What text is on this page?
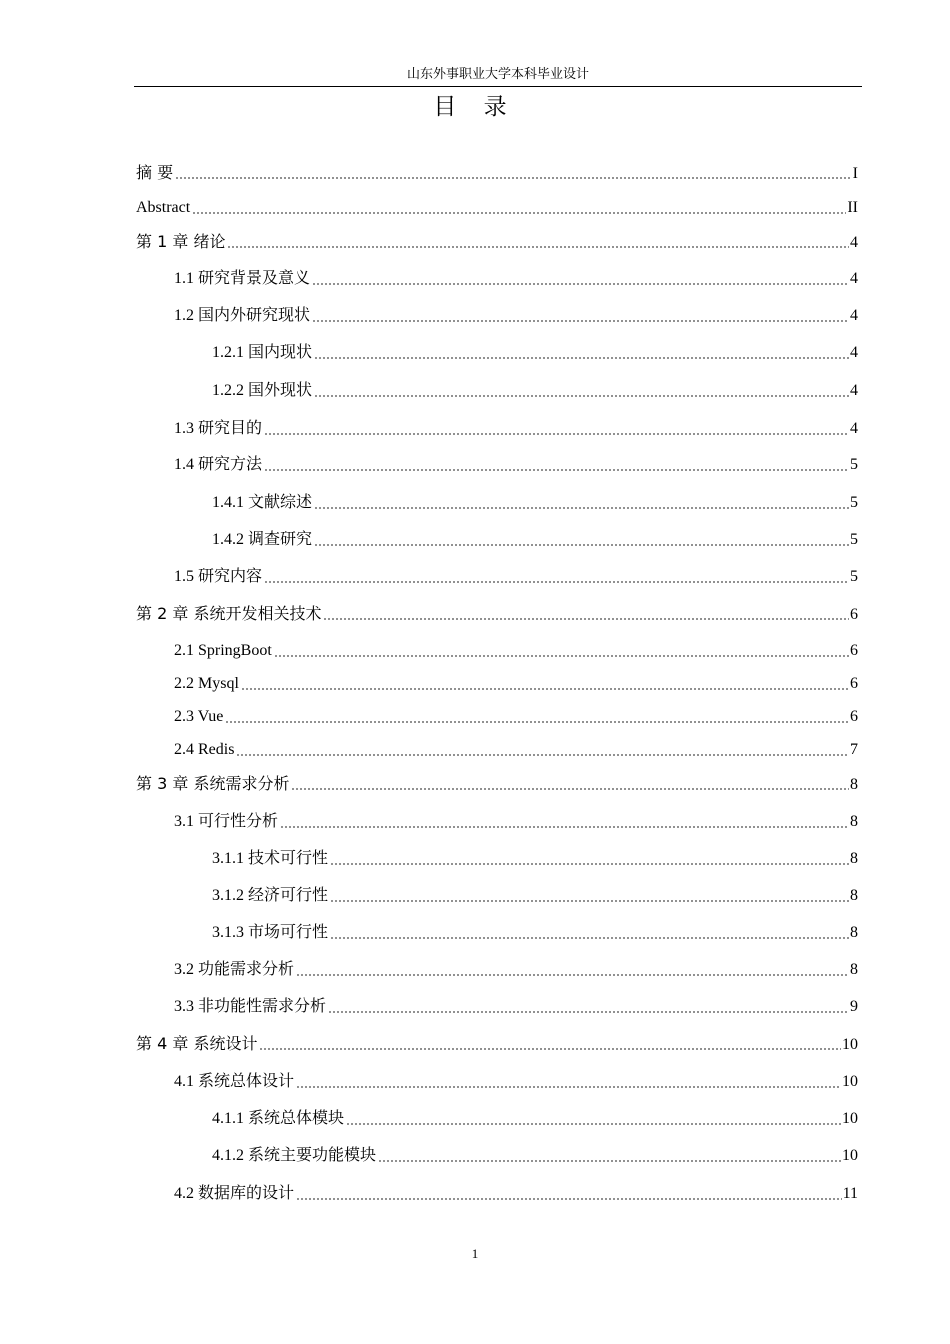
山东外事职业大学本科毕业设计
目 录
摘 要	I
Abstract	II
第 1 章 绪论	4
1.1 研究背景及意义	4
1.2 国内外研究现状	4
1.2.1 国内现状	4
1.2.2 国外现状	4
1.3 研究目的	4
1.4 研究方法	5
1.4.1 文献综述	5
1.4.2 调查研究	5
1.5 研究内容	5
第 2 章 系统开发相关技术	6
2.1 SpringBoot	6
2.2 Mysql	6
2.3 Vue	6
2.4 Redis	7
第 3 章 系统需求分析	8
3.1 可行性分析	8
3.1.1 技术可行性	8
3.1.2 经济可行性	8
3.1.3 市场可行性	8
3.2 功能需求分析	8
3.3 非功能性需求分析	9
第 4 章 系统设计	10
4.1 系统总体设计	10
4.1.1 系统总体模块	10
4.1.2 系统主要功能模块	10
4.2 数据库的设计	11
1
